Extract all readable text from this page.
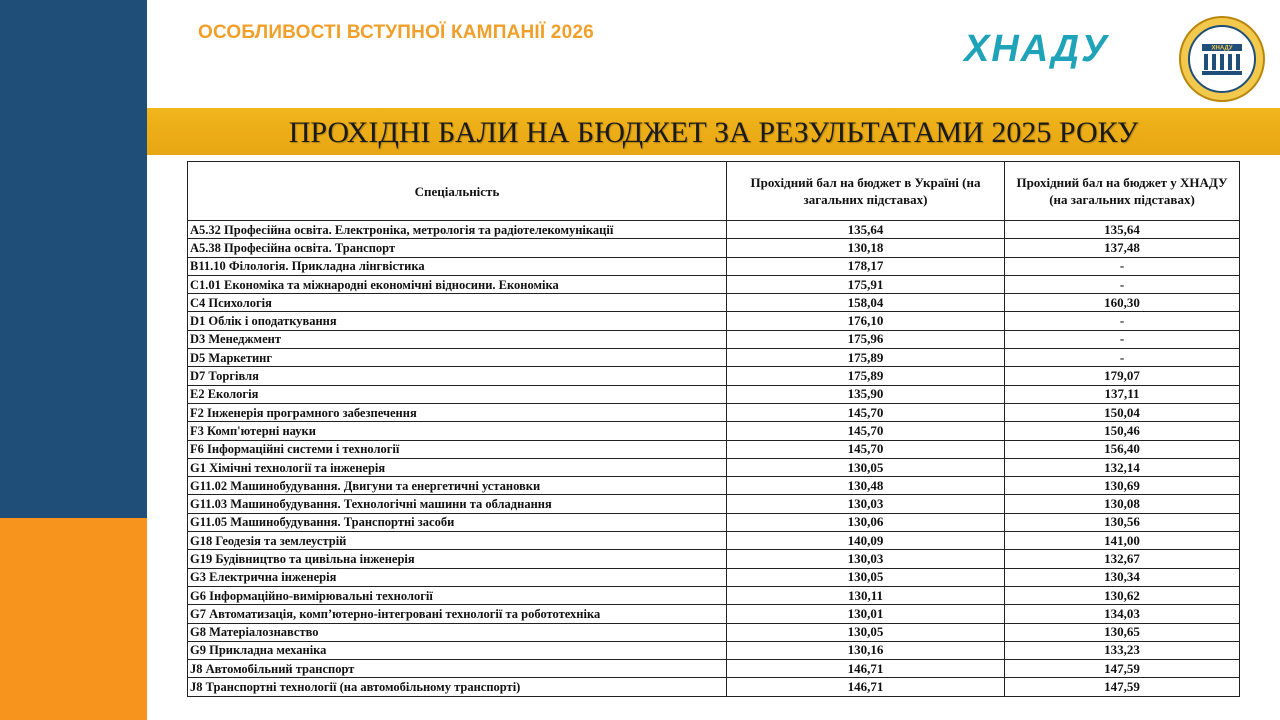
ОСОБЛИВОСТІ ВСТУПНОЇ КАМПАНІЇ 2026	ХНАДУ	ХНАДУ
ПРОХІДНІ БАЛИ НА БЮДЖЕТ ЗА РЕЗУЛЬТАТАМИ 2025 РОКУ
Спеціальність	Прохідний бал на бюджет в Україні (на загальних підставах)	Прохідний бал на бюджет у ХНАДУ (на загальних підставах)
A5.32 Професійна освіта. Електроніка, метрологія та радіотелекомунікації	135,64	135,64
A5.38 Професійна освіта. Транспорт	130,18	137,48
B11.10 Філологія. Прикладна лінгвістика	178,17	-
C1.01 Економіка та міжнародні економічні відносини. Економіка	175,91	-
C4 Психологія	158,04	160,30
D1 Облік і оподаткування	176,10	-
D3 Менеджмент	175,96	-
D5 Маркетинг	175,89	-
D7 Торгівля	175,89	179,07
E2 Екологія	135,90	137,11
F2 Інженерія програмного забезпечення	145,70	150,04
F3 Комп'ютерні науки	145,70	150,46
F6 Інформаційні системи і технології	145,70	156,40
G1 Хімічні технології та інженерія	130,05	132,14
G11.02 Машинобудування. Двигуни та енергетичні установки	130,48	130,69
G11.03 Машинобудування. Технологічні машини та обладнання	130,03	130,08
G11.05 Машинобудування. Транспортні засоби	130,06	130,56
G18 Геодезія та землеустрій	140,09	141,00
G19 Будівництво та цивільна інженерія	130,03	132,67
G3 Електрична інженерія	130,05	130,34
G6 Інформаційно-вимірювальні технології	130,11	130,62
G7 Автоматизація, комп’ютерно-інтегровані технології та робототехніка	130,01	134,03
G8 Матеріалознавство	130,05	130,65
G9 Прикладна механіка	130,16	133,23
J8 Автомобільний транспорт	146,71	147,59
J8 Транспортні технології (на автомобільному транспорті)	146,71	147,59
